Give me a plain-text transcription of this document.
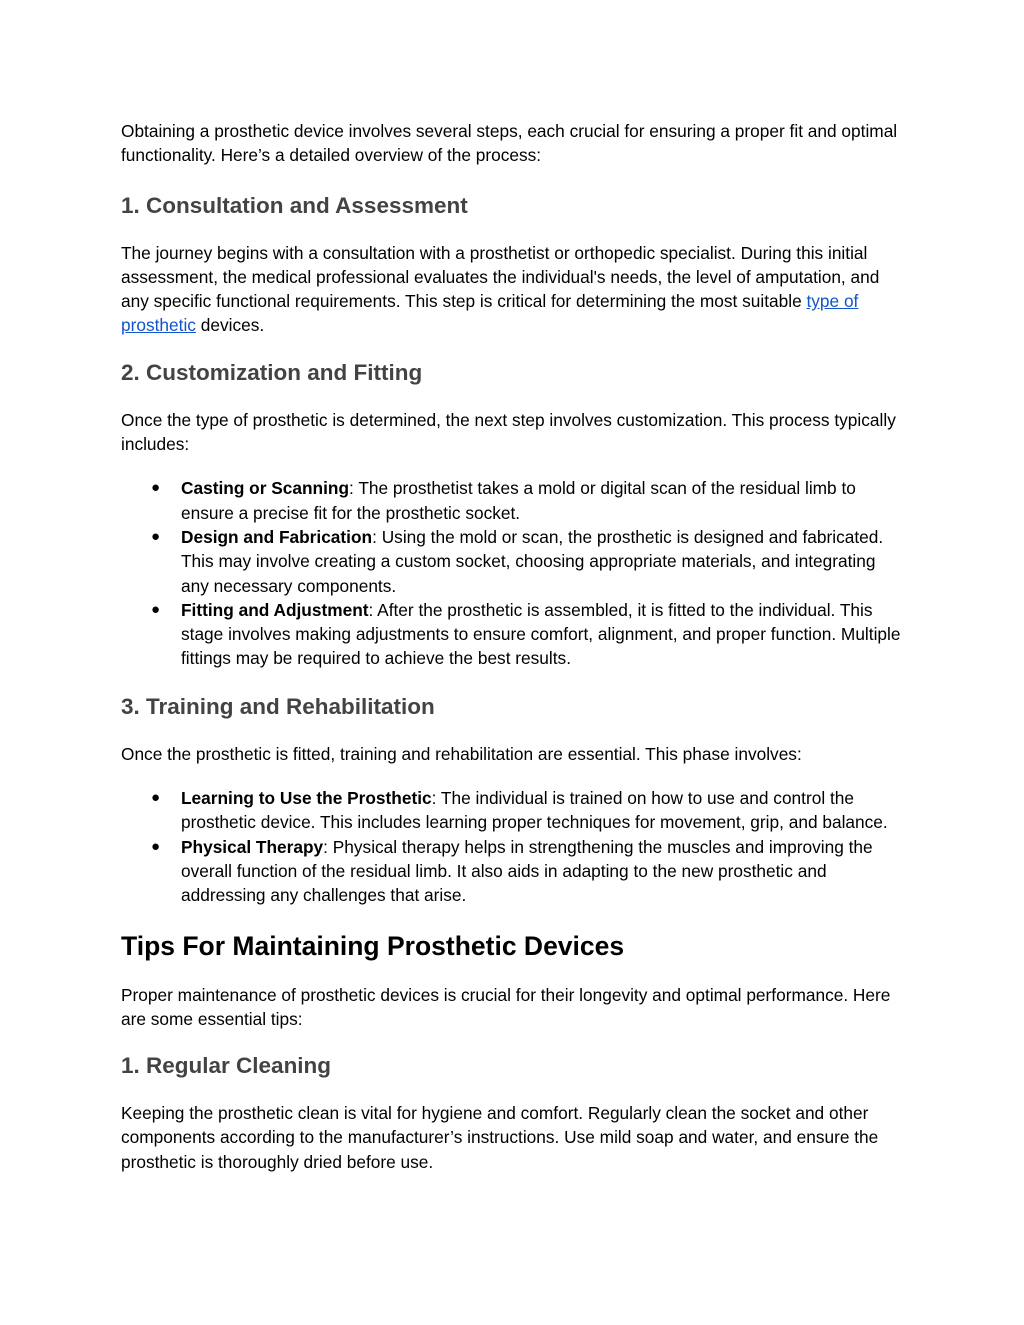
Obtaining a prosthetic device involves several steps, each crucial for ensuring a proper fit and optimal functionality. Here’s a detailed overview of the process:

1. Consultation and Assessment

The journey begins with a consultation with a prosthetist or orthopedic specialist. During this initial assessment, the medical professional evaluates the individual's needs, the level of amputation, and any specific functional requirements. This step is critical for determining the most suitable type of prosthetic devices.

2. Customization and Fitting

Once the type of prosthetic is determined, the next step involves customization. This process typically includes:

● Casting or Scanning: The prosthetist takes a mold or digital scan of the residual limb to ensure a precise fit for the prosthetic socket.
● Design and Fabrication: Using the mold or scan, the prosthetic is designed and fabricated. This may involve creating a custom socket, choosing appropriate materials, and integrating any necessary components.
● Fitting and Adjustment: After the prosthetic is assembled, it is fitted to the individual. This stage involves making adjustments to ensure comfort, alignment, and proper function. Multiple fittings may be required to achieve the best results.
3. Training and Rehabilitation

Once the prosthetic is fitted, training and rehabilitation are essential. This phase involves:

● Learning to Use the Prosthetic: The individual is trained on how to use and control the prosthetic device. This includes learning proper techniques for movement, grip, and balance.
● Physical Therapy: Physical therapy helps in strengthening the muscles and improving the overall function of the residual limb. It also aids in adapting to the new prosthetic and addressing any challenges that arise.
Tips For Maintaining Prosthetic Devices

Proper maintenance of prosthetic devices is crucial for their longevity and optimal performance. Here are some essential tips:

1. Regular Cleaning

Keeping the prosthetic clean is vital for hygiene and comfort. Regularly clean the socket and other components according to the manufacturer’s instructions. Use mild soap and water, and ensure the prosthetic is thoroughly dried before use.
